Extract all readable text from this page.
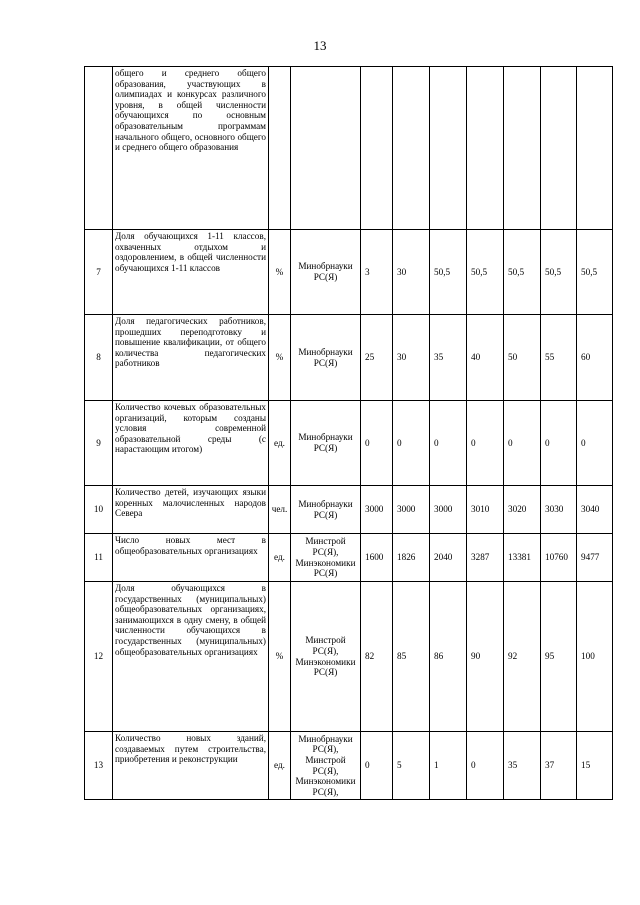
13
	общего и среднего общего образования, участвующих в олимпиадах и конкурсах различного уровня, в общей численности обучающихся по основным образовательным программам начального общего, основного общего и среднего общего образования									
7	Доля обучающихся 1-11 классов, охваченных отдыхом и оздоровлением, в общей численности обучающихся 1-11 классов	%	Минобрнауки РС(Я)	3	30	50,5	50,5	50,5	50,5	50,5
8	Доля педагогических работников, прошедших переподготовку и повышение квалификации, от общего количества педагогических работников	%	Минобрнауки РС(Я)	25	30	35	40	50	55	60
9	Количество кочевых образовательных организаций, которым созданы условия современной образовательной среды (с нарастающим итогом)	ед.	Минобрнауки РС(Я)	0	0	0	0	0	0	0
10	Количество детей, изучающих языки коренных малочисленных народов Севера	чел.	Минобрнауки РС(Я)	3000	3000	3000	3010	3020	3030	3040
11	Число новых мест в общеобразовательных организациях	ед.	Минстрой РС(Я), Минэкономики РС(Я)	1600	1826	2040	3287	13381	10760	9477
12	Доля обучающихся в государственных (муниципальных) общеобразовательных организациях, занимающихся в одну смену, в общей численности обучающихся в государственных (муниципальных) общеобразовательных организациях	%	Минстрой РС(Я), Минэкономики РС(Я)	82	85	86	90	92	95	100
13	Количество новых зданий, создаваемых путем строительства, приобретения и реконструкции	ед.	Минобрнауки РС(Я), Минстрой РС(Я), Минэкономики РС(Я),	0	5	1	0	35	37	15
